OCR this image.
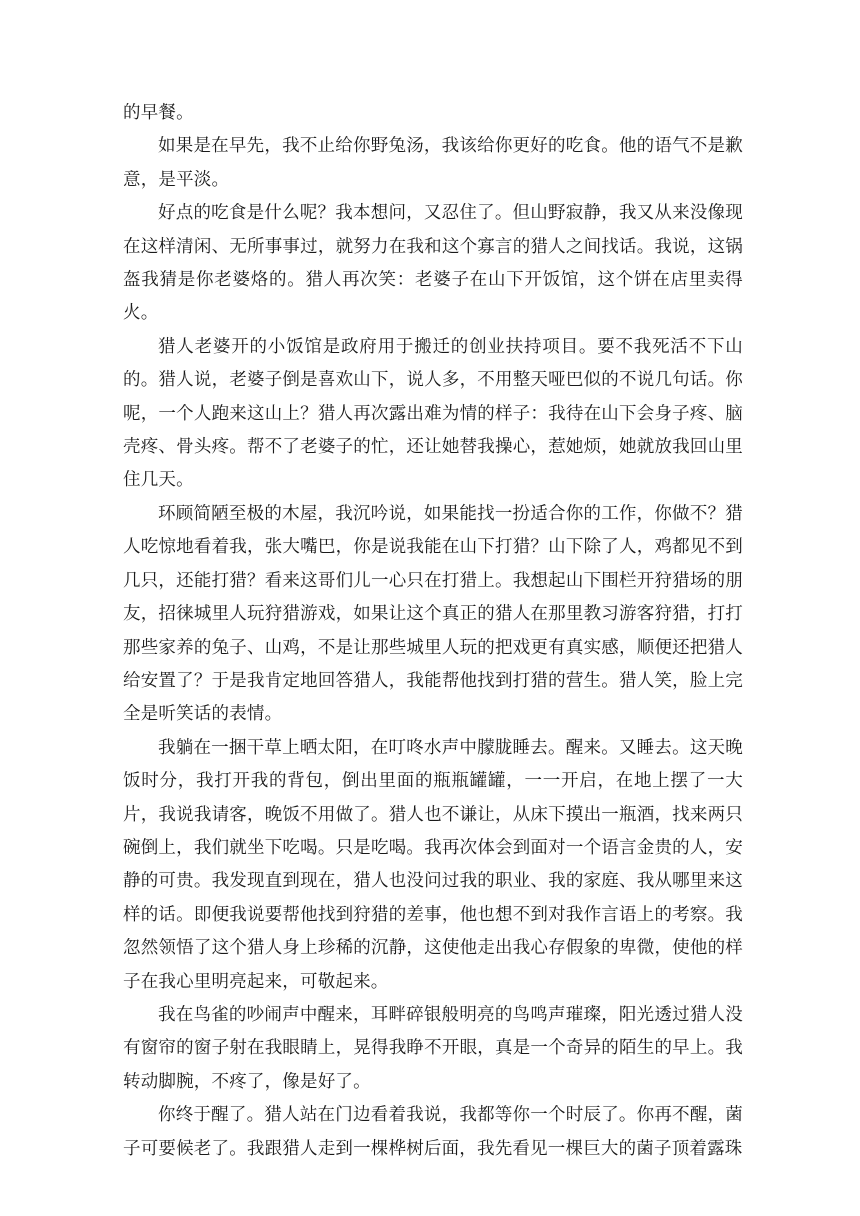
的早餐。

如果是在早先，我不止给你野兔汤，我该给你更好的吃食。他的语气不是歉意，是平淡。

好点的吃食是什么呢？我本想问，又忍住了。但山野寂静，我又从来没像现在这样清闲、无所事事过，就努力在我和这个寡言的猎人之间找话。我说，这锅盔我猜是你老婆烙的。猎人再次笑：老婆子在山下开饭馆，这个饼在店里卖得火。

猎人老婆开的小饭馆是政府用于搬迁的创业扶持项目。要不我死活不下山的。猎人说，老婆子倒是喜欢山下，说人多，不用整天哑巴似的不说几句话。你呢，一个人跑来这山上？猎人再次露出难为情的样子：我待在山下会身子疼、脑壳疼、骨头疼。帮不了老婆子的忙，还让她替我操心，惹她烦，她就放我回山里住几天。

环顾简陋至极的木屋，我沉吟说，如果能找一扮适合你的工作，你做不？猎人吃惊地看着我，张大嘴巴，你是说我能在山下打猎？山下除了人，鸡都见不到几只，还能打猎？看来这哥们儿一心只在打猎上。我想起山下围栏开狩猎场的朋友，招徕城里人玩狩猎游戏，如果让这个真正的猎人在那里教习游客狩猎，打打那些家养的兔子、山鸡，不是让那些城里人玩的把戏更有真实感，顺便还把猎人给安置了？于是我肯定地回答猎人，我能帮他找到打猎的营生。猎人笑，脸上完全是听笑话的表情。

我躺在一捆干草上晒太阳，在叮咚水声中朦胧睡去。醒来。又睡去。这天晚饭时分，我打开我的背包，倒出里面的瓶瓶罐罐，一一开启，在地上摆了一大片，我说我请客，晚饭不用做了。猎人也不谦让，从床下摸出一瓶酒，找来两只碗倒上，我们就坐下吃喝。只是吃喝。我再次体会到面对一个语言金贵的人，安静的可贵。我发现直到现在，猎人也没问过我的职业、我的家庭、我从哪里来这样的话。即便我说要帮他找到狩猎的差事，他也想不到对我作言语上的考察。我忽然领悟了这个猎人身上珍稀的沉静，这使他走出我心存假象的卑微，使他的样子在我心里明亮起来，可敬起来。

我在鸟雀的吵闹声中醒来，耳畔碎银般明亮的鸟鸣声璀璨，阳光透过猎人没有窗帘的窗子射在我眼睛上，晃得我睁不开眼，真是一个奇异的陌生的早上。我转动脚腕，不疼了，像是好了。

你终于醒了。猎人站在门边看着我说，我都等你一个时辰了。你再不醒，菌子可要候老了。我跟猎人走到一棵桦树后面，我先看见一棵巨大的菌子顶着露珠
